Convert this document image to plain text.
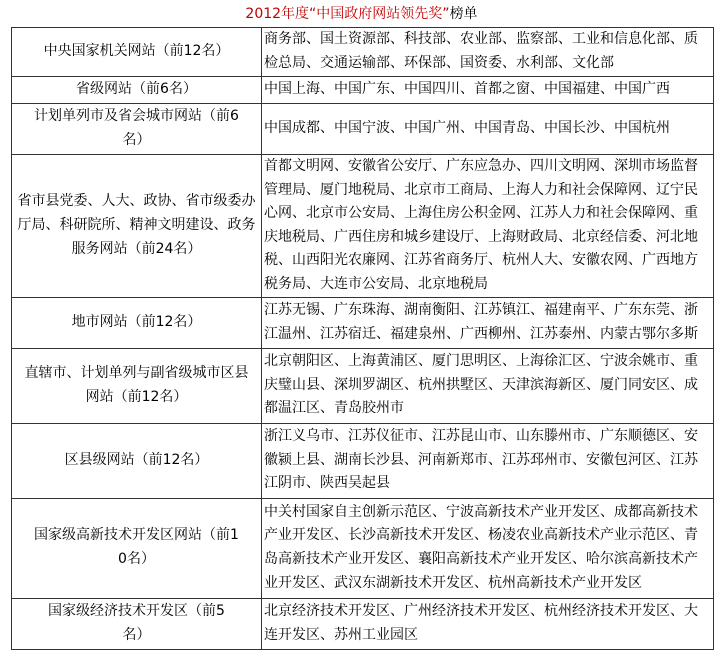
2012年度“中国政府网站领先奖”榜单
中央国家机关网站（前12名）	商务部、国土资源部、科技部、农业部、监察部、工业和信息化部、质检总局、交通运输部、环保部、国资委、水利部、文化部
省级网站（前6名）	中国上海、中国广东、中国四川、首都之窗、中国福建、中国广西
计划单列市及省会城市网站（前6名）	中国成都、中国宁波、中国广州、中国青岛、中国长沙、中国杭州
省市县党委、人大、政协、省市级委办厅局、科研院所、精神文明建设、政务服务网站（前24名）	首都文明网、安徽省公安厅、广东应急办、四川文明网、深圳市场监督管理局、厦门地税局、北京市工商局、上海人力和社会保障网、辽宁民心网、北京市公安局、上海住房公积金网、江苏人力和社会保障网、重庆地税局、广西住房和城乡建设厅、上海财政局、北京经信委、河北地税、山西阳光农廉网、江苏省商务厅、杭州人大、安徽农网、广西地方税务局、大连市公安局、北京地税局
地市网站（前12名）	江苏无锡、广东珠海、湖南衡阳、江苏镇江、福建南平、广东东莞、浙江温州、江苏宿迁、福建泉州、广西柳州、江苏泰州、内蒙古鄂尔多斯
直辖市、计划单列与副省级城市区县网站（前12名）	北京朝阳区、上海黄浦区、厦门思明区、上海徐汇区、宁波余姚市、重庆璧山县、深圳罗湖区、杭州拱墅区、天津滨海新区、厦门同安区、成都温江区、青岛胶州市
区县级网站（前12名）	浙江义乌市、江苏仪征市、江苏昆山市、山东滕州市、广东顺德区、安徽颍上县、湖南长沙县、河南新郑市、江苏邳州市、安徽包河区、江苏江阴市、陕西吴起县
国家级高新技术开发区网站（前10名）	中关村国家自主创新示范区、宁波高新技术产业开发区、成都高新技术产业开发区、长沙高新技术开发区、杨凌农业高新技术产业示范区、青岛高新技术产业开发区、襄阳高新技术产业开发区、哈尔滨高新技术产业开发区、武汉东湖新技术开发区、杭州高新技术产业开发区
国家级经济技术开发区（前5名）	北京经济技术开发区、广州经济技术开发区、杭州经济技术开发区、大连开发区、苏州工业园区
